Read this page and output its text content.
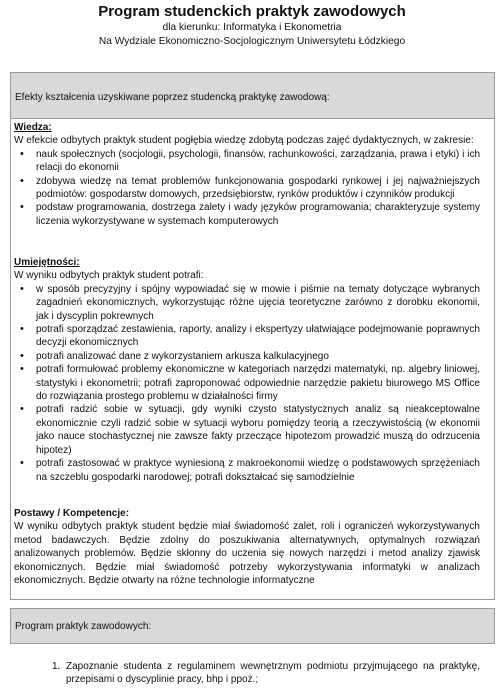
Program studenckich praktyk zawodowych
dla kierunku: Informatyka i Ekonometria
Na Wydziale Ekonomiczno-Socjologicznym Uniwersytetu Łódzkiego
Efekty kształcenia uzyskiwane poprzez studencką praktykę zawodową:
Wiedza:

W efekcie odbytych praktyk student pogłębia wiedzę zdobytą podczas zajęć dydaktycznych, w zakresie:

• nauk społecznych (socjologii, psychologii, finansów, rachunkowości, zarządzania, prawa i etyki) i ich relacji do ekonomii
• zdobywa wiedzę na temat problemów funkcjonowania gospodarki rynkowej i jej najważniejszych podmiotów: gospodarstw domowych, przedsiębiorstw, rynków produktów i czynników produkcji
• podstaw programowania, dostrzega zalety i wady języków programowania; charakteryzuje systemy liczenia wykorzystywane w systemach komputerowych
Umiejętności:

W wyniku odbytych praktyk student potrafi:

• w sposób precyzyjny i spójny wypowiadać się w mowie i piśmie na tematy dotyczące wybranych zagadnień ekonomicznych, wykorzystując różne ujęcia teoretyczne zarówno z dorobku ekonomii, jak i dyscyplin pokrewnych
• potrafi sporządzać zestawienia, raporty, analizy i ekspertyzy ułatwiające podejmowanie poprawnych decyzji ekonomicznych
• potrafi analizować dane z wykorzystaniem arkusza kalkulacyjnego
• potrafi formułować problemy ekonomiczne w kategoriach narzędzi matematyki, np. algebry liniowej, statystyki i ekonometrii; potrafi zaproponować odpowiednie narzędzie pakietu biurowego MS Office do rozwiązania prostego problemu w działalności firmy
• potrafi radzić sobie w sytuacji, gdy wyniki czysto statystycznych analiz są nieakceptowalne ekonomicznie czyli radzić sobie w sytuacji wyboru pomiędzy teorią a rzeczywistością (w ekonomii jako nauce stochastycznej nie zawsze fakty przeczące hipotezom prowadzić muszą do odrzucenia hipotez)
• potrafi zastosować w praktyce wyniesioną z makroekonomii wiedzę o podstawowych sprzężeniach na szczeblu gospodarki narodowej; potrafi dokształcać się samodzielnie
Postawy / Kompetencje:

W wyniku odbytych praktyk student będzie miał świadomość zalet, roli i ograniczeń wykorzystywanych metod badawczych. Będzie zdolny do poszukiwania alternatywnych, optymalnych rozwiązań analizowanych problemów. Będzie skłonny do uczenia się nowych narzędzi i metod analizy zjawisk ekonomicznych. Będzie miał świadomość potrzeby wykorzystywania informatyki w analizach ekonomicznych. Będzie otwarty na różne technologie informatyczne

Program praktyk zawodowych:
1. Zapoznanie studenta z regulaminem wewnętrznym podmiotu przyjmującego na praktykę, przepisami o dyscyplinie pracy, bhp i ppoż.;
